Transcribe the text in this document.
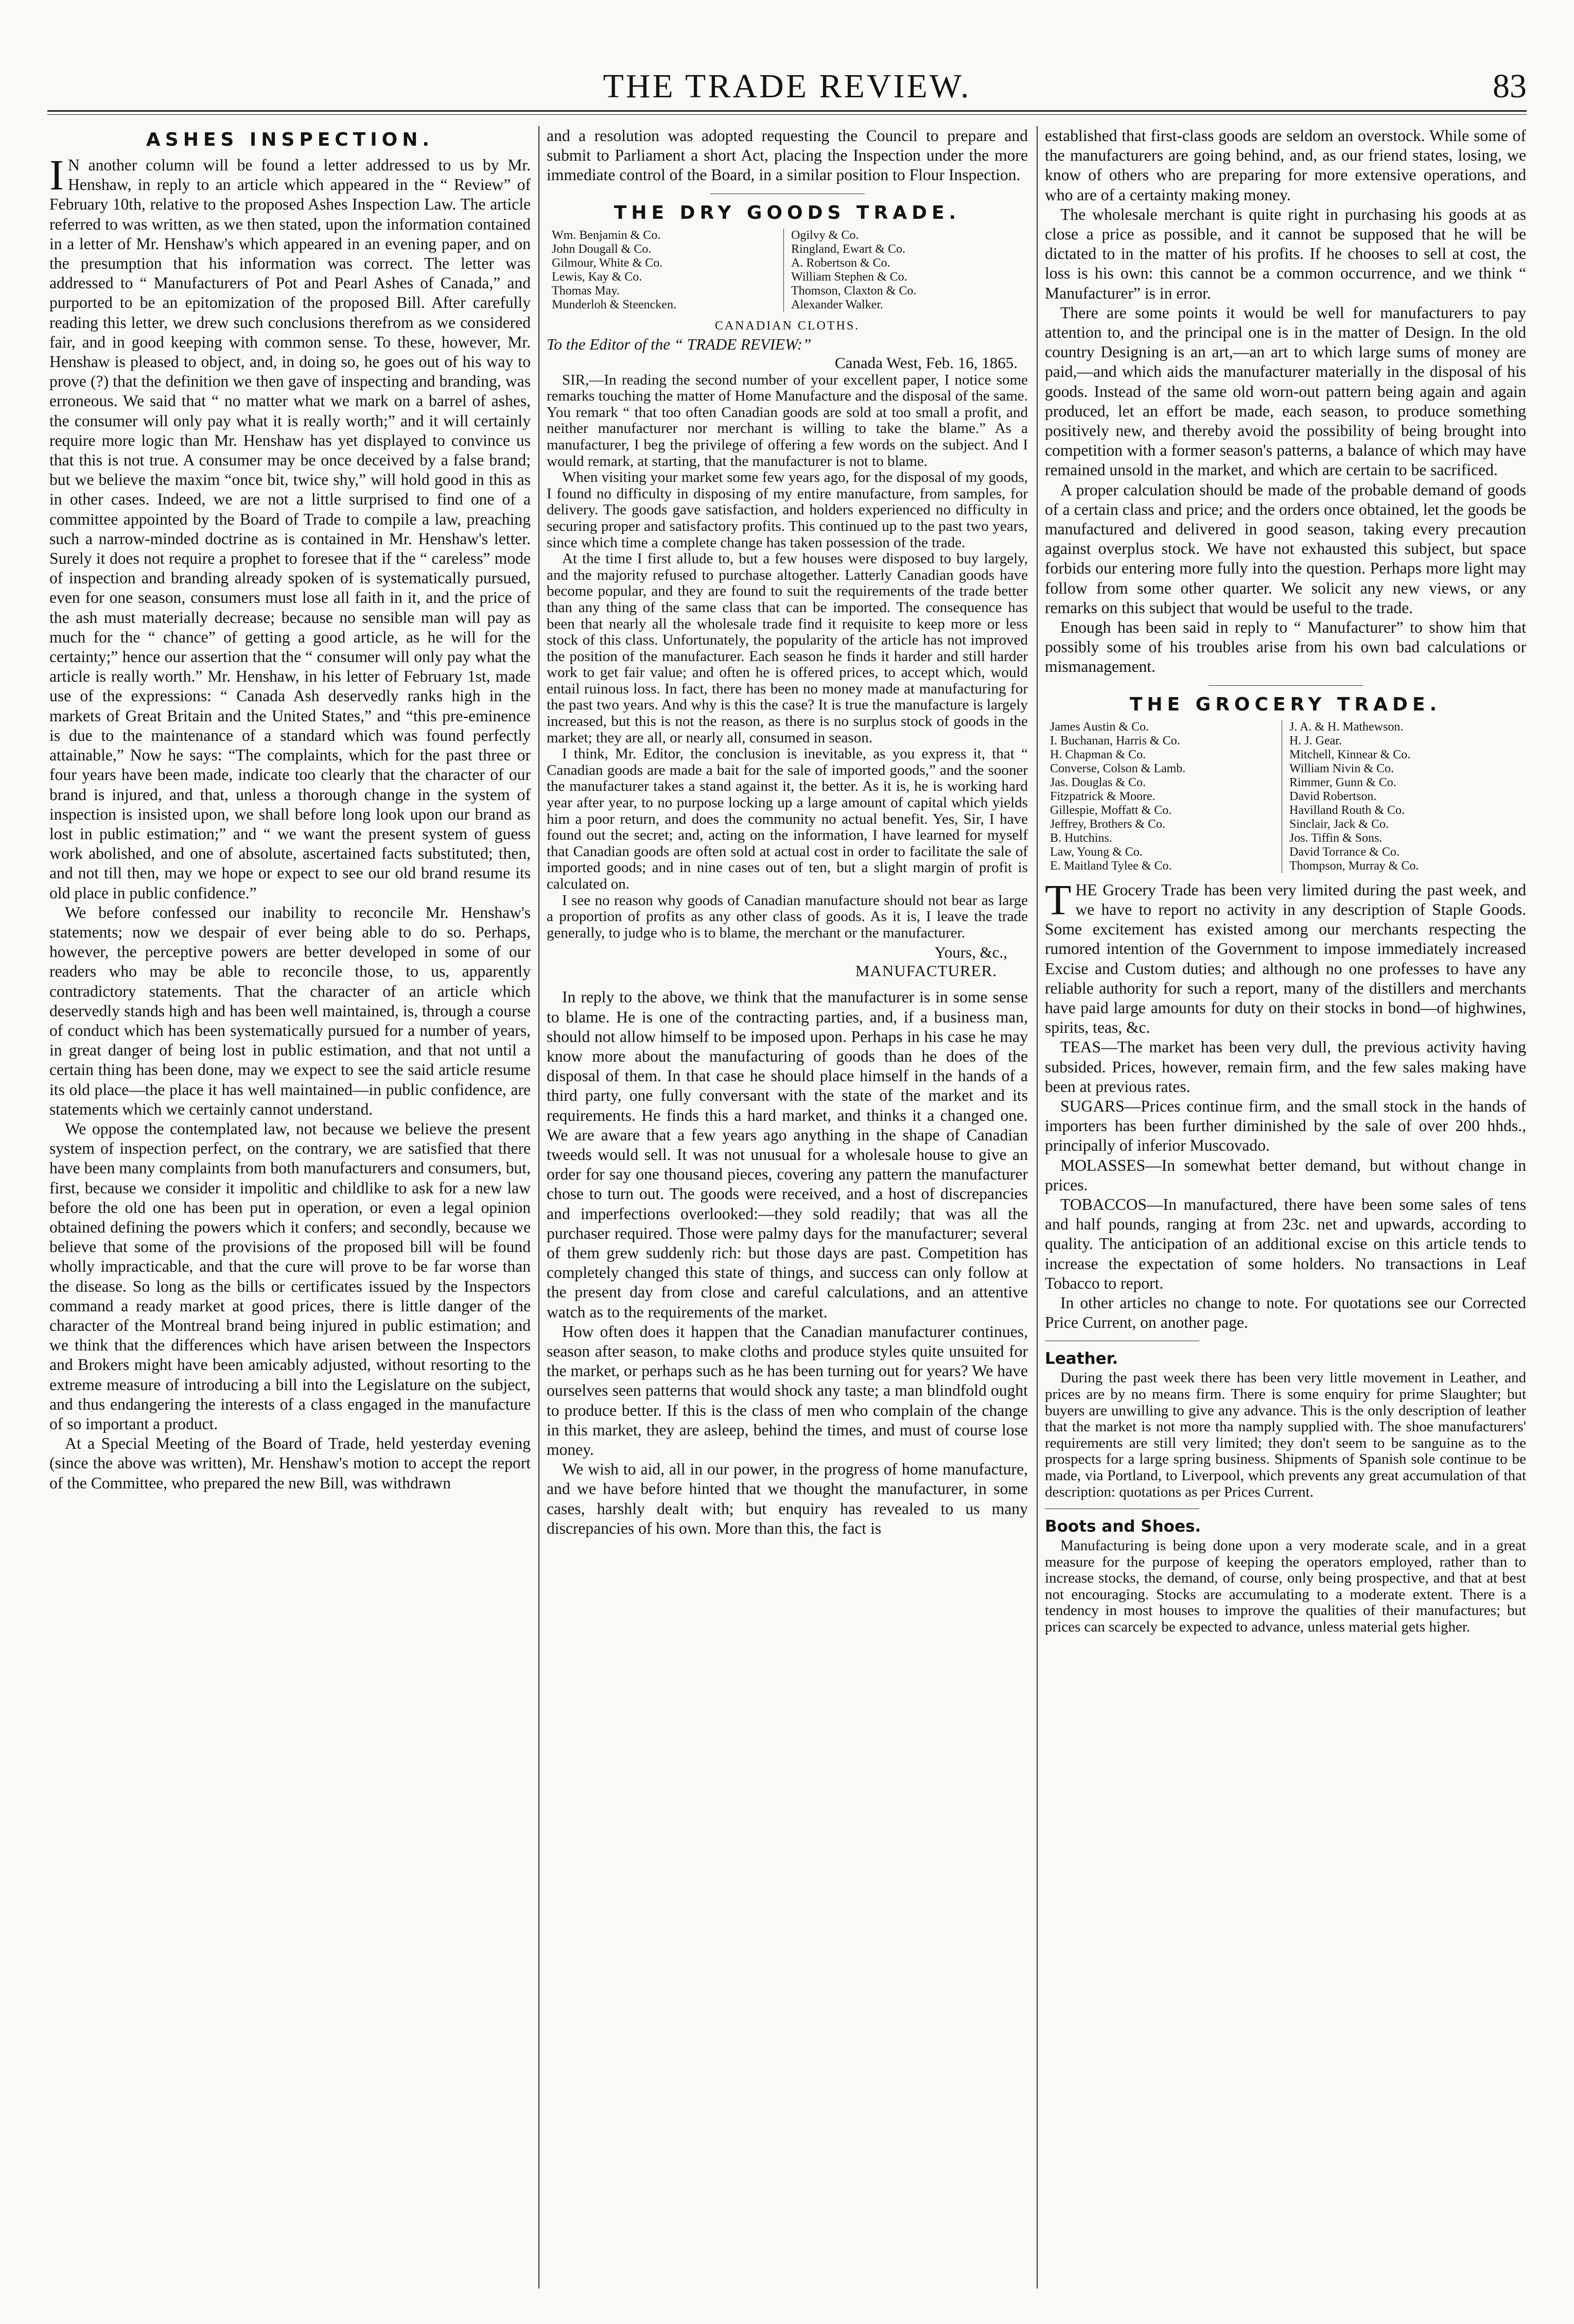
THE TRADE REVIEW.	83
ASHES INSPECTION.

I N another column will be found a letter addressed to us by Mr. Henshaw, in reply to an article which appeared in the “ Review” of February 10th, relative to the proposed Ashes Inspection Law. The article referred to was written, as we then stated, upon the information contained in a letter of Mr. Henshaw's which appeared in an evening paper, and on the presumption that his information was correct. The letter was addressed to “ Manufacturers of Pot and Pearl Ashes of Canada,” and purported to be an epitomization of the proposed Bill. After carefully reading this letter, we drew such conclusions therefrom as we considered fair, and in good keeping with common sense. To these, however, Mr. Henshaw is pleased to object, and, in doing so, he goes out of his way to prove (?) that the definition we then gave of inspecting and branding, was erroneous. We said that “ no matter what we mark on a barrel of ashes, the consumer will only pay what it is really worth;” and it will certainly require more logic than Mr. Henshaw has yet displayed to convince us that this is not true. A consumer may be once deceived by a false brand; but we believe the maxim “once bit, twice shy,” will hold good in this as in other cases. Indeed, we are not a little surprised to find one of a committee appointed by the Board of Trade to compile a law, preaching such a narrow-minded doctrine as is contained in Mr. Henshaw's letter. Surely it does not require a prophet to foresee that if the “ careless” mode of inspection and branding already spoken of is systematically pursued, even for one season, consumers must lose all faith in it, and the price of the ash must materially decrease; because no sensible man will pay as much for the “ chance” of getting a good article, as he will for the certainty;” hence our assertion that the “ consumer will only pay what the article is really worth.” Mr. Henshaw, in his letter of February 1st, made use of the expressions: “ Canada Ash deservedly ranks high in the markets of Great Britain and the United States,” and “this pre-eminence is due to the maintenance of a standard which was found perfectly attainable,” Now he says: “The complaints, which for the past three or four years have been made, indicate too clearly that the character of our brand is injured, and that, unless a thorough change in the system of inspection is insisted upon, we shall before long look upon our brand as lost in public estimation;” and “ we want the present system of guess work abolished, and one of absolute, ascertained facts substituted; then, and not till then, may we hope or expect to see our old brand resume its old place in public confidence.”

We before confessed our inability to reconcile Mr. Henshaw's statements; now we despair of ever being able to do so. Perhaps, however, the perceptive powers are better developed in some of our readers who may be able to reconcile those, to us, apparently contradictory statements. That the character of an article which deservedly stands high and has been well maintained, is, through a course of conduct which has been systematically pursued for a number of years, in great danger of being lost in public estimation, and that not until a certain thing has been done, may we expect to see the said article resume its old place—the place it has well maintained—in public confidence, are statements which we certainly cannot understand.

We oppose the contemplated law, not because we believe the present system of inspection perfect, on the contrary, we are satisfied that there have been many complaints from both manufacturers and consumers, but, first, because we consider it impolitic and childlike to ask for a new law before the old one has been put in operation, or even a legal opinion obtained defining the powers which it confers; and secondly, because we believe that some of the provisions of the proposed bill will be found wholly impracticable, and that the cure will prove to be far worse than the disease. So long as the bills or certificates issued by the Inspectors command a ready market at good prices, there is little danger of the character of the Montreal brand being injured in public estimation; and we think that the differences which have arisen between the Inspectors and Brokers might have been amicably adjusted, without resorting to the extreme measure of introducing a bill into the Legislature on the subject, and thus endangering the interests of a class engaged in the manufacture of so important a product.

At a Special Meeting of the Board of Trade, held yesterday evening (since the above was written), Mr. Henshaw's motion to accept the report of the Committee, who prepared the new Bill, was withdrawn

and a resolution was adopted requesting the Council to prepare and submit to Parliament a short Act, placing the Inspection under the more immediate control of the Board, in a similar position to Flour Inspection.

THE DRY GOODS TRADE.
Wm. Benjamin & Co.
John Dougall & Co.
Gilmour, White & Co.
Lewis, Kay & Co.
Thomas May.
Munderloh & Steencken.
Ogilvy & Co.
Ringland, Ewart & Co.
A. Robertson & Co.
William Stephen & Co.
Thomson, Claxton & Co.
Alexander Walker.
CANADIAN CLOTHS.

To the Editor of the “ TRADE REVIEW:”

Canada West, Feb. 16, 1865.

SIR,—In reading the second number of your excellent paper, I notice some remarks touching the matter of Home Manufacture and the disposal of the same. You remark “ that too often Canadian goods are sold at too small a profit, and neither manufacturer nor merchant is willing to take the blame.” As a manufacturer, I beg the privilege of offering a few words on the subject. And I would remark, at starting, that the manufacturer is not to blame.

When visiting your market some few years ago, for the disposal of my goods, I found no difficulty in disposing of my entire manufacture, from samples, for delivery. The goods gave satisfaction, and holders experienced no difficulty in securing proper and satisfactory profits. This continued up to the past two years, since which time a complete change has taken possession of the trade.

At the time I first allude to, but a few houses were disposed to buy largely, and the majority refused to purchase altogether. Latterly Canadian goods have become popular, and they are found to suit the requirements of the trade better than any thing of the same class that can be imported. The consequence has been that nearly all the wholesale trade find it requisite to keep more or less stock of this class. Unfortunately, the popularity of the article has not improved the position of the manufacturer. Each season he finds it harder and still harder work to get fair value; and often he is offered prices, to accept which, would entail ruinous loss. In fact, there has been no money made at manufacturing for the past two years. And why is this the case? It is true the manufacture is largely increased, but this is not the reason, as there is no surplus stock of goods in the market; they are all, or nearly all, consumed in season.

I think, Mr. Editor, the conclusion is inevitable, as you express it, that “ Canadian goods are made a bait for the sale of imported goods,” and the sooner the manufacturer takes a stand against it, the better. As it is, he is working hard year after year, to no purpose locking up a large amount of capital which yields him a poor return, and does the community no actual benefit. Yes, Sir, I have found out the secret; and, acting on the information, I have learned for myself that Canadian goods are often sold at actual cost in order to facilitate the sale of imported goods; and in nine cases out of ten, but a slight margin of profit is calculated on.

I see no reason why goods of Canadian manufacture should not bear as large a proportion of profits as any other class of goods. As it is, I leave the trade generally, to judge who is to blame, the merchant or the manufacturer.

Yours, &c.,
MANUFACTURER.

In reply to the above, we think that the manufacturer is in some sense to blame. He is one of the contracting parties, and, if a business man, should not allow himself to be imposed upon. Perhaps in his case he may know more about the manufacturing of goods than he does of the disposal of them. In that case he should place himself in the hands of a third party, one fully conversant with the state of the market and its requirements. He finds this a hard market, and thinks it a changed one. We are aware that a few years ago anything in the shape of Canadian tweeds would sell. It was not unusual for a wholesale house to give an order for say one thousand pieces, covering any pattern the manufacturer chose to turn out. The goods were received, and a host of discrepancies and imperfections overlooked:—they sold readily; that was all the purchaser required. Those were palmy days for the manufacturer; several of them grew suddenly rich: but those days are past. Competition has completely changed this state of things, and success can only follow at the present day from close and careful calculations, and an attentive watch as to the requirements of the market.

How often does it happen that the Canadian manufacturer continues, season after season, to make cloths and produce styles quite unsuited for the market, or perhaps such as he has been turning out for years? We have ourselves seen patterns that would shock any taste; a man blindfold ought to produce better. If this is the class of men who complain of the change in this market, they are asleep, behind the times, and must of course lose money.

We wish to aid, all in our power, in the progress of home manufacture, and we have before hinted that we thought the manufacturer, in some cases, harshly dealt with; but enquiry has revealed to us many discrepancies of his own. More than this, the fact is

established that first-class goods are seldom an overstock. While some of the manufacturers are going behind, and, as our friend states, losing, we know of others who are preparing for more extensive operations, and who are of a certainty making money.

The wholesale merchant is quite right in purchasing his goods at as close a price as possible, and it cannot be supposed that he will be dictated to in the matter of his profits. If he chooses to sell at cost, the loss is his own: this cannot be a common occurrence, and we think “ Manufacturer” is in error.

There are some points it would be well for manufacturers to pay attention to, and the principal one is in the matter of Design. In the old country Designing is an art,—an art to which large sums of money are paid,—and which aids the manufacturer materially in the disposal of his goods. Instead of the same old worn-out pattern being again and again produced, let an effort be made, each season, to produce something positively new, and thereby avoid the possibility of being brought into competition with a former season's patterns, a balance of which may have remained unsold in the market, and which are certain to be sacrificed.

A proper calculation should be made of the probable demand of goods of a certain class and price; and the orders once obtained, let the goods be manufactured and delivered in good season, taking every precaution against overplus stock. We have not exhausted this subject, but space forbids our entering more fully into the question. Perhaps more light may follow from some other quarter. We solicit any new views, or any remarks on this subject that would be useful to the trade.

Enough has been said in reply to “ Manufacturer” to show him that possibly some of his troubles arise from his own bad calculations or mismanagement.

THE GROCERY TRADE.
James Austin & Co.
I. Buchanan, Harris & Co.
H. Chapman & Co.
Converse, Colson & Lamb.
Jas. Douglas & Co.
Fitzpatrick & Moore.
Gillespie, Moffatt & Co.
Jeffrey, Brothers & Co.
B. Hutchins.
Law, Young & Co.
E. Maitland Tylee & Co.
J. A. & H. Mathewson.
H. J. Gear.
Mitchell, Kinnear & Co.
William Nivin & Co.
Rimmer, Gunn & Co.
David Robertson.
Havilland Routh & Co.
Sinclair, Jack & Co.
Jos. Tiffin & Sons.
David Torrance & Co.
Thompson, Murray & Co.

THE Grocery Trade has been very limited during the past week, and we have to report no activity in any description of Staple Goods. Some excitement has existed among our merchants respecting the rumored intention of the Government to impose immediately increased Excise and Custom duties; and although no one professes to have any reliable authority for such a report, many of the distillers and merchants have paid large amounts for duty on their stocks in bond—of highwines, spirits, teas, &c.

TEAS—The market has been very dull, the previous activity having subsided. Prices, however, remain firm, and the few sales making have been at previous rates.

SUGARS—Prices continue firm, and the small stock in the hands of importers has been further diminished by the sale of over 200 hhds., principally of inferior Muscovado.

MOLASSES—In somewhat better demand, but without change in prices.

TOBACCOS—In manufactured, there have been some sales of tens and half pounds, ranging at from 23c. net and upwards, according to quality. The anticipation of an additional excise on this article tends to increase the expectation of some holders. No transactions in Leaf Tobacco to report.

In other articles no change to note. For quotations see our Corrected Price Current, on another page.

Leather.

During the past week there has been very little movement in Leather, and prices are by no means firm. There is some enquiry for prime Slaughter; but buyers are unwilling to give any advance. This is the only description of leather that the market is not more tha namply supplied with. The shoe manufacturers' requirements are still very limited; they don't seem to be sanguine as to the prospects for a large spring business. Shipments of Spanish sole continue to be made, via Portland, to Liverpool, which prevents any great accumulation of that description: quotations as per Prices Current.

Boots and Shoes.

Manufacturing is being done upon a very moderate scale, and in a great measure for the purpose of keeping the operators employed, rather than to increase stocks, the demand, of course, only being prospective, and that at best not encouraging. Stocks are accumulating to a moderate extent. There is a tendency in most houses to improve the qualities of their manufactures; but prices can scarcely be expected to advance, unless material gets higher.
